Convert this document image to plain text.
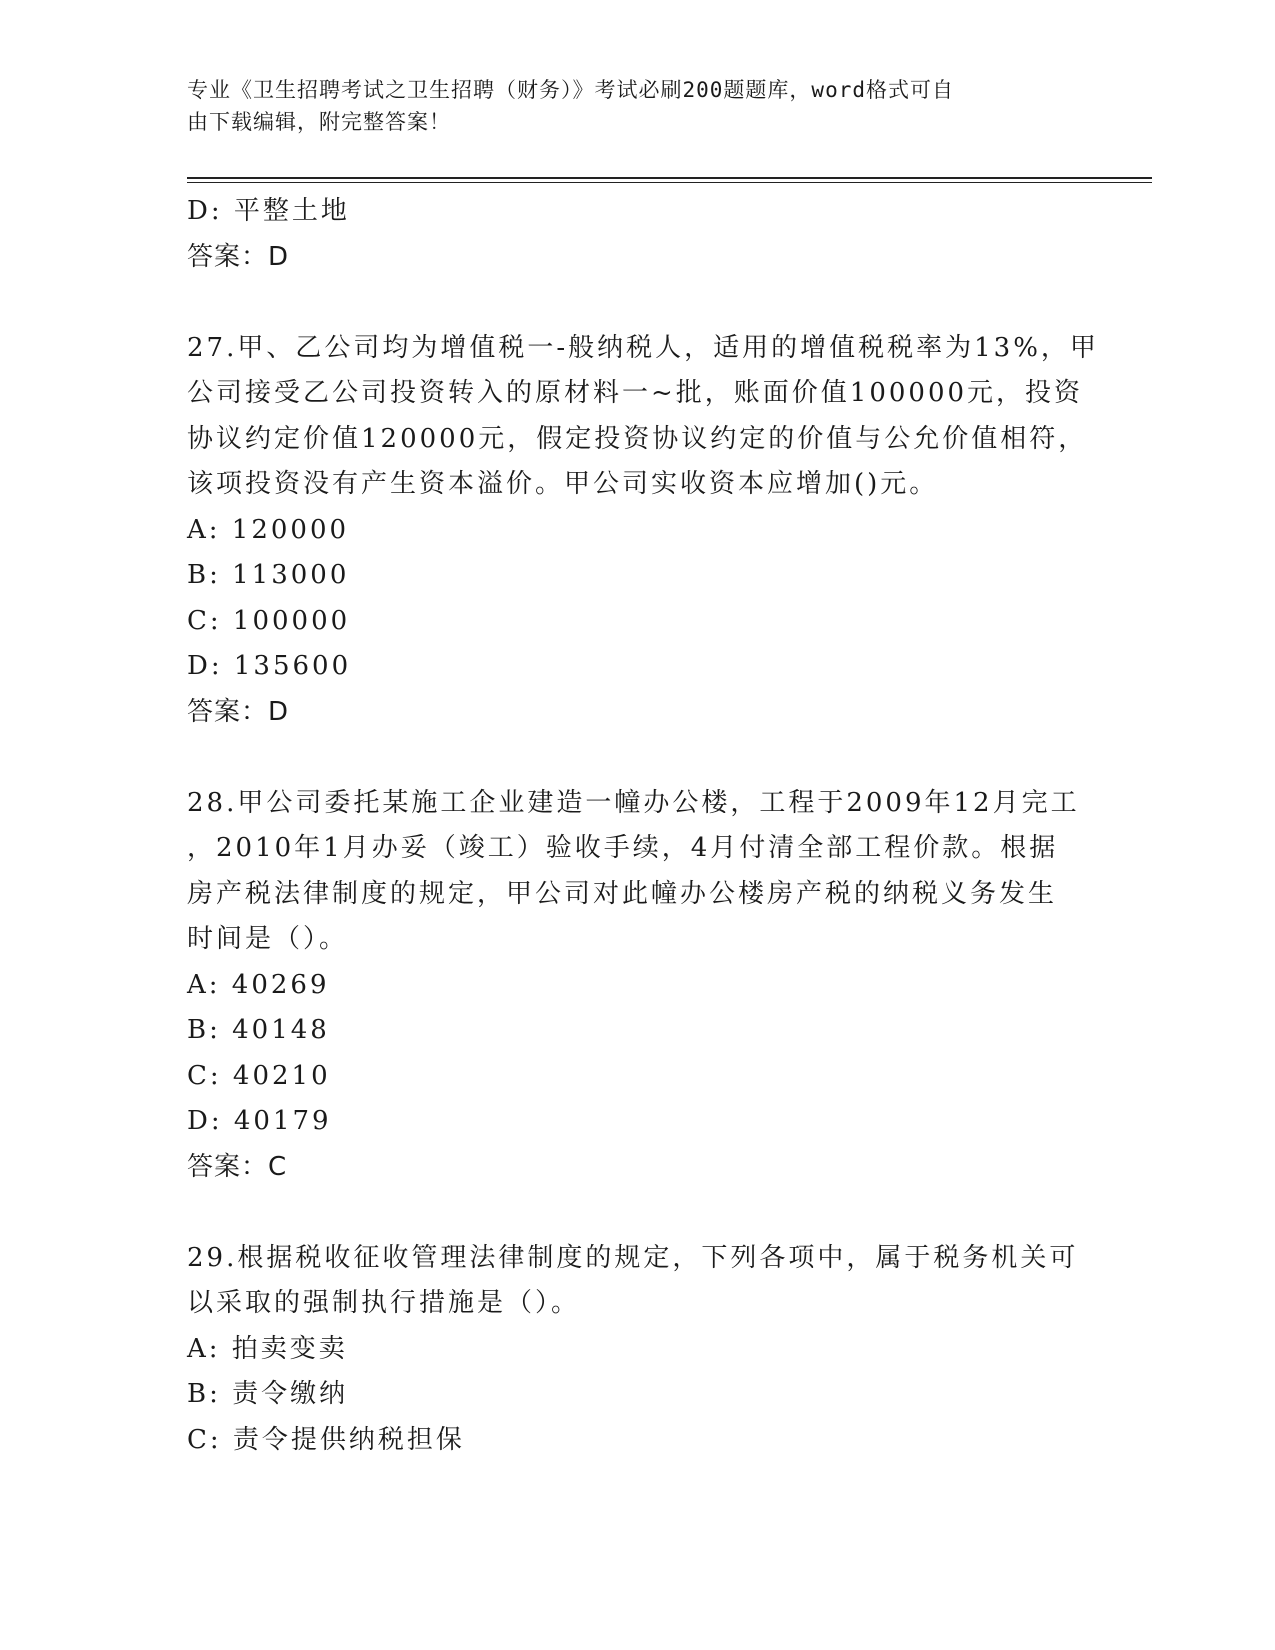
专业《卫生招聘考试之卫生招聘（财务）》考试必刷200题题库，word格式可自
由下载编辑，附完整答案！
D: 平整土地
答案：D
27.甲、乙公司均为增值税一-般纳税人，适用的增值税税率为13%，甲
公司接受乙公司投资转入的原材料一~批，账面价值100000元，投资
协议约定价值120000元，假定投资协议约定的价值与公允价值相符，
该项投资没有产生资本溢价。甲公司实收资本应增加()元。
A: 120000
B: 113000
C: 100000
D: 135600
答案：D
28.甲公司委托某施工企业建造一幢办公楼，工程于2009年12月完工
，2010年1月办妥（竣工）验收手续，4月付清全部工程价款。根据
房产税法律制度的规定，甲公司对此幢办公楼房产税的纳税义务发生
时间是（）。
A: 40269
B: 40148
C: 40210
D: 40179
答案：C
29.根据税收征收管理法律制度的规定，下列各项中，属于税务机关可
以采取的强制执行措施是（）。
A: 拍卖变卖
B: 责令缴纳
C: 责令提供纳税担保
